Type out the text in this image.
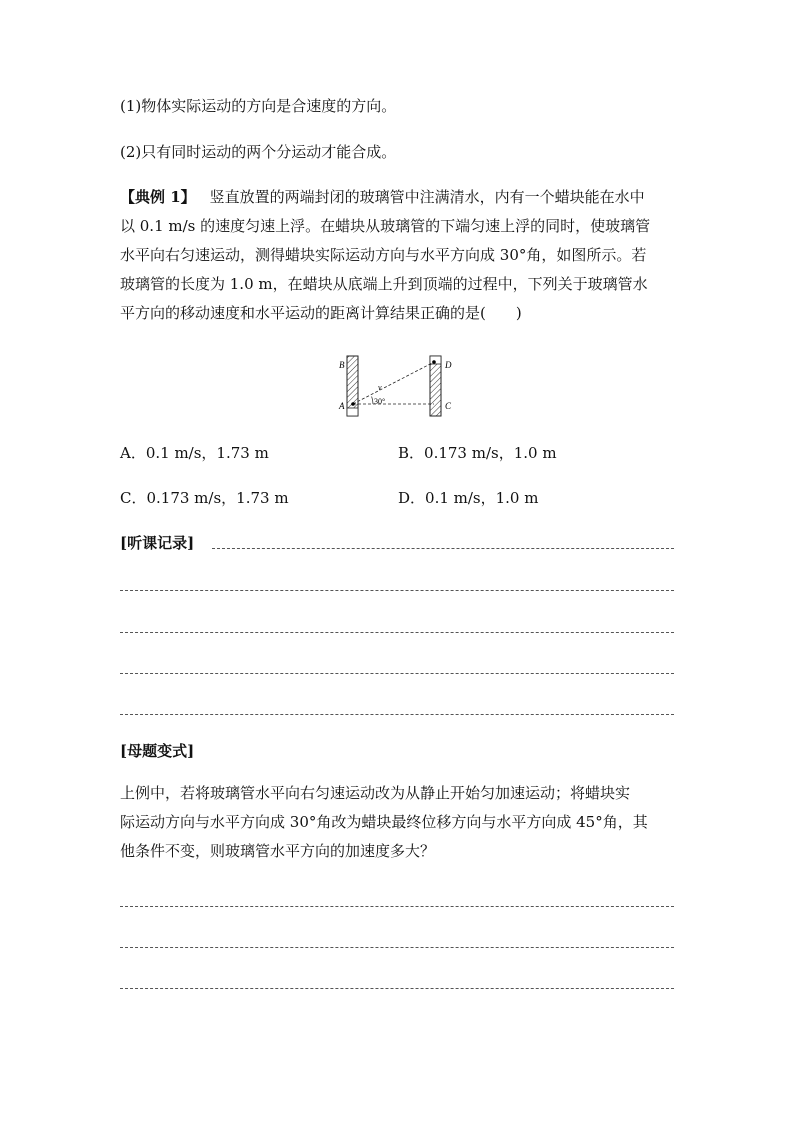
(1)物体实际运动的方向是合速度的方向。
(2)只有同时运动的两个分运动才能合成。
【典例 1】 竖直放置的两端封闭的玻璃管中注满清水，内有一个蜡块能在水中
以 0.1 m/s 的速度匀速上浮。在蜡块从玻璃管的下端匀速上浮的同时，使玻璃管
水平向右匀速运动，测得蜡块实际运动方向与水平方向成 30°角，如图所示。若
玻璃管的长度为 1.0 m，在蜡块从底端上升到顶端的过程中，下列关于玻璃管水
平方向的移动速度和水平运动的距离计算结果正确的是(　　)
B
A
D
C
v
30°
A．0.1 m/s，1.73 m	B．0.173 m/s，1.0 m
C．0.173 m/s，1.73 m	D．0.1 m/s，1.0 m
[听课记录]
[母题变式]
上例中，若将玻璃管水平向右匀速运动改为从静止开始匀加速运动；将蜡块实
际运动方向与水平方向成 30°角改为蜡块最终位移方向与水平方向成 45°角，其
他条件不变，则玻璃管水平方向的加速度多大？
